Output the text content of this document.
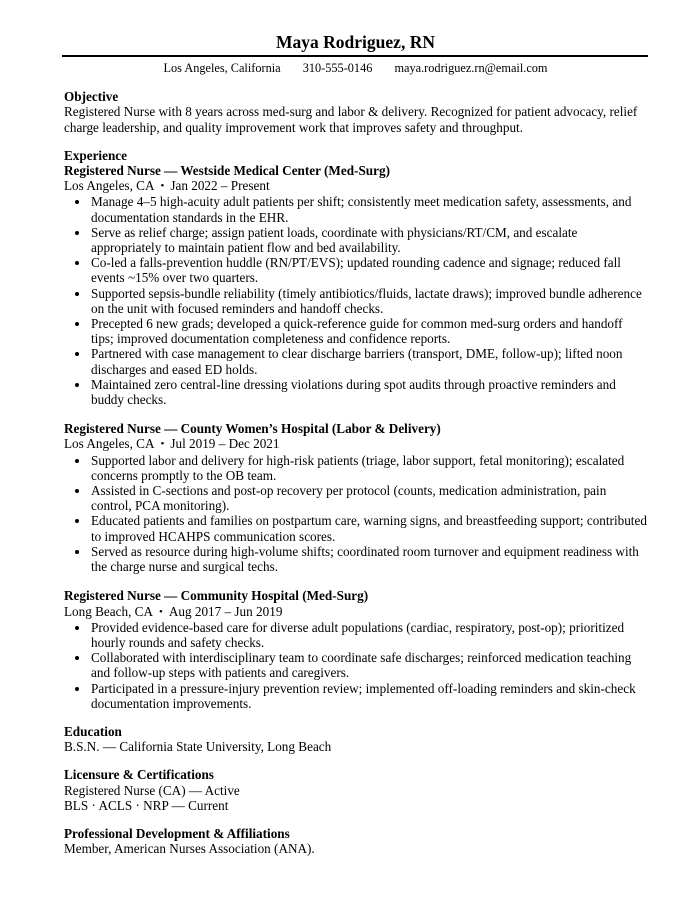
Maya Rodriguez, RN

Los Angeles, California 310-555-0146 maya.rodriguez.rn@email.com

Objective

Registered Nurse with 8 years across med-surg and labor & delivery. Recognized for patient advocacy, relief charge leadership, and quality improvement work that improves safety and throughput.

Experience

Registered Nurse — Westside Medical Center (Med-Surg)

Los Angeles, CA • Jan 2022 – Present

• Manage 4–5 high-acuity adult patients per shift; consistently meet medication safety, assessments, and documentation standards in the EHR.
• Serve as relief charge; assign patient loads, coordinate with physicians/RT/CM, and escalate appropriately to maintain patient flow and bed availability.
• Co-led a falls-prevention huddle (RN/PT/EVS); updated rounding cadence and signage; reduced fall events ~15% over two quarters.
• Supported sepsis-bundle reliability (timely antibiotics/fluids, lactate draws); improved bundle adherence on the unit with focused reminders and handoff checks.
• Precepted 6 new grads; developed a quick-reference guide for common med-surg orders and handoff tips; improved documentation completeness and confidence reports.
• Partnered with case management to clear discharge barriers (transport, DME, follow-up); lifted noon discharges and eased ED holds.
• Maintained zero central-line dressing violations during spot audits through proactive reminders and buddy checks.

Registered Nurse — County Women’s Hospital (Labor & Delivery)

Los Angeles, CA • Jul 2019 – Dec 2021

• Supported labor and delivery for high-risk patients (triage, labor support, fetal monitoring); escalated concerns promptly to the OB team.
• Assisted in C-sections and post-op recovery per protocol (counts, medication administration, pain control, PCA monitoring).
• Educated patients and families on postpartum care, warning signs, and breastfeeding support; contributed to improved HCAHPS communication scores.
• Served as resource during high-volume shifts; coordinated room turnover and equipment readiness with the charge nurse and surgical techs.

Registered Nurse — Community Hospital (Med-Surg)

Long Beach, CA • Aug 2017 – Jun 2019

• Provided evidence-based care for diverse adult populations (cardiac, respiratory, post-op); prioritized hourly rounds and safety checks.
• Collaborated with interdisciplinary team to coordinate safe discharges; reinforced medication teaching and follow-up steps with patients and caregivers.
• Participated in a pressure-injury prevention review; implemented off-loading reminders and skin-check documentation improvements.

Education

B.S.N. — California State University, Long Beach

Licensure & Certifications

Registered Nurse (CA) — Active

BLS · ACLS · NRP — Current

Professional Development & Affiliations

Member, American Nurses Association (ANA).
